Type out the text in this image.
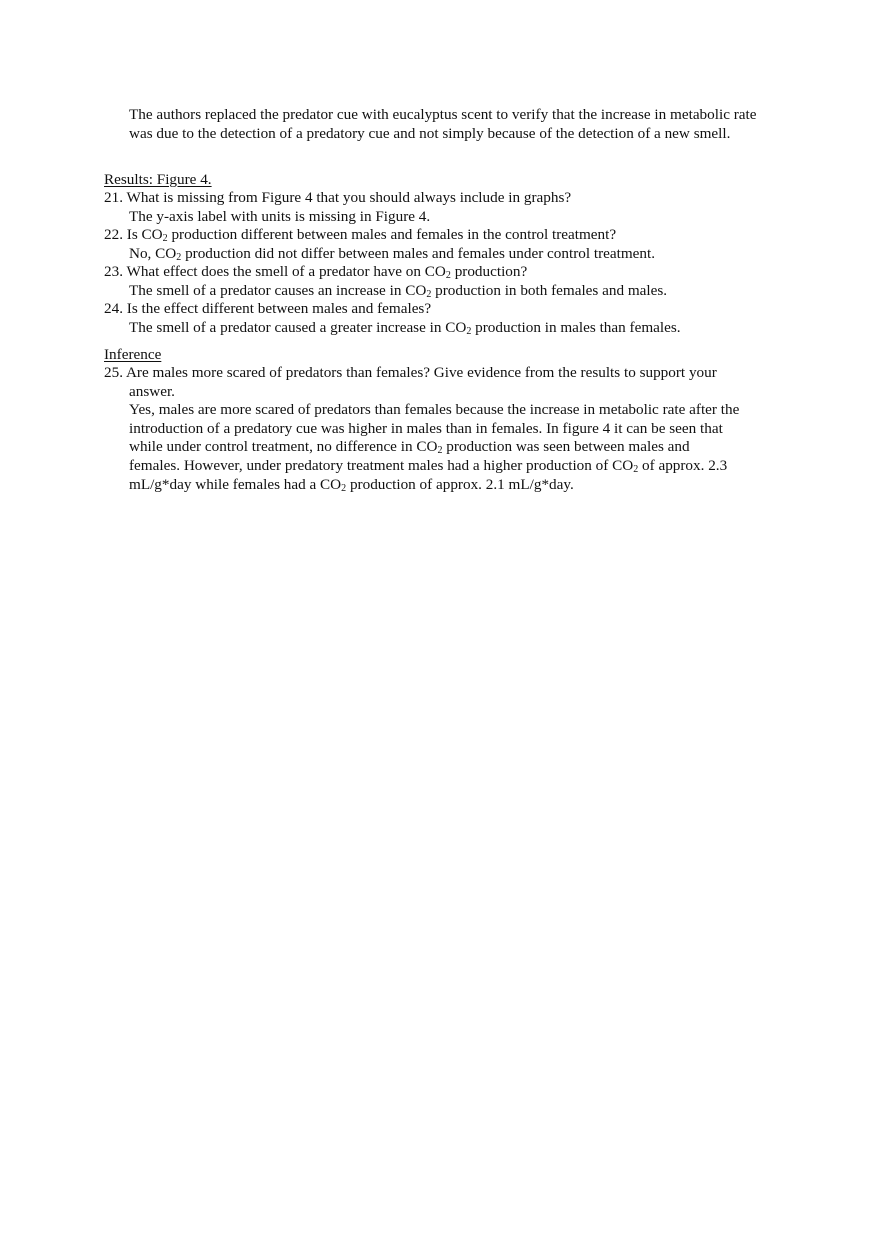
The authors replaced the predator cue with eucalyptus scent to verify that the increase in metabolic rate was due to the detection of a predatory cue and not simply because of the detection of a new smell.
Results: Figure 4.
21. What is missing from Figure 4 that you should always include in graphs?
The y-axis label with units is missing in Figure 4.
22. Is $CO_2$ production different between males and females in the control treatment?
No, $CO_2$ production did not differ between males and females under control treatment.
23. What effect does the smell of a predator have on $CO_2$ production?
The smell of a predator causes an increase in $CO_2$ production in both females and males.
24. Is the effect different between males and females?
The smell of a predator caused a greater increase in $CO_2$ production in males than females.
Inference
25. Are males more scared of predators than females? Give evidence from the results to support your answer.
Yes, males are more scared of predators than females because the increase in metabolic rate after the introduction of a predatory cue was higher in males than in females. In figure 4 it can be seen that while under control treatment, no difference in $CO_2$ production was seen between males and females. However, under predatory treatment males had a higher production of $CO_2$ of approx. 2.3 mL/g*day while females had a $CO_2$ production of approx. 2.1 mL/g*day.
